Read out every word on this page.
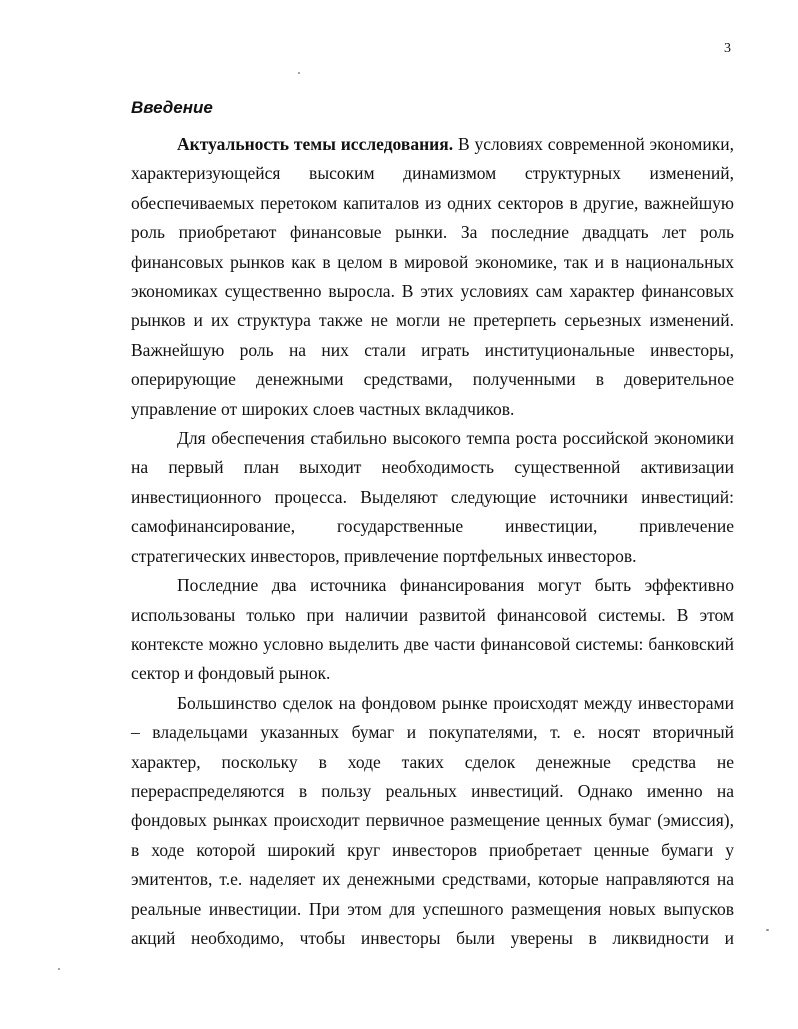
3
Введение

Актуальность темы исследования. В условиях современной экономики, характеризующейся высоким динамизмом структурных изменений, обеспечиваемых перетоком капиталов из одних секторов в другие, важнейшую роль приобретают финансовые рынки. За последние двадцать лет роль финансовых рынков как в целом в мировой экономике, так и в национальных экономиках существенно выросла. В этих условиях сам характер финансовых рынков и их структура также не могли не претерпеть серьезных изменений. Важнейшую роль на них стали играть институциональные инвесторы, оперирующие денежными средствами, полученными в доверительное управление от широких слоев частных вкладчиков.

Для обеспечения стабильно высокого темпа роста российской экономики на первый план выходит необходимость существенной активизации инвестиционного процесса. Выделяют следующие источники инвестиций: самофинансирование, государственные инвестиции, привлечение стратегических инвесторов, привлечение портфельных инвесторов.

Последние два источника финансирования могут быть эффективно использованы только при наличии развитой финансовой системы. В этом контексте можно условно выделить две части финансовой системы: банковский сектор и фондовый рынок.

Большинство сделок на фондовом рынке происходят между инвесторами – владельцами указанных бумаг и покупателями, т. е. носят вторичный характер, поскольку в ходе таких сделок денежные средства не перераспределяются в пользу реальных инвестиций. Однако именно на фондовых рынках происходит первичное размещение ценных бумаг (эмиссия), в ходе которой широкий круг инвесторов приобретает ценные бумаги у эмитентов, т.е. наделяет их денежными средствами, которые направляются на реальные инвестиции. При этом для успешного размещения новых выпусков акций необходимо, чтобы инвесторы были уверены в ликвидности и
